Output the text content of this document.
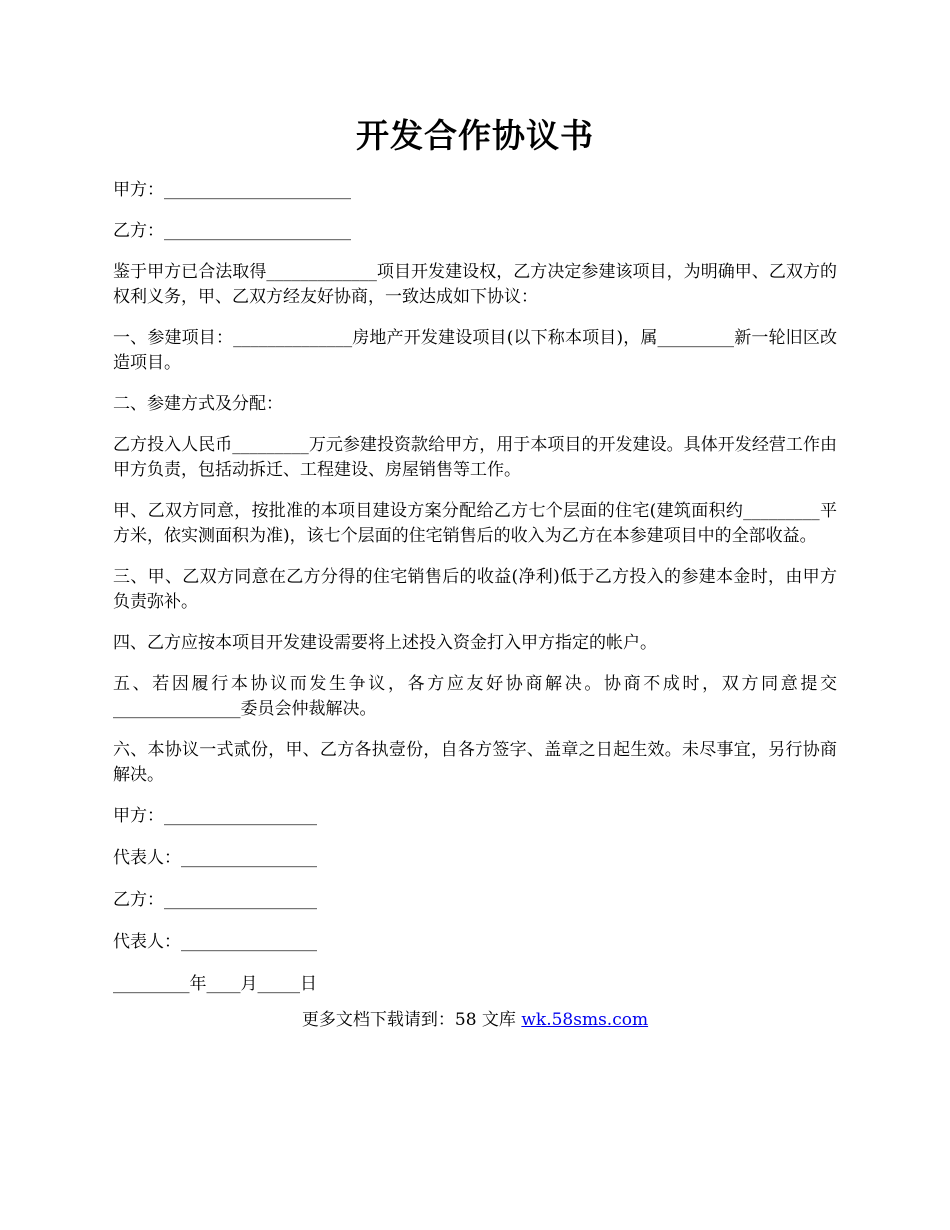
开发合作协议书

甲方：______________________

乙方：______________________

鉴于甲方已合法取得_____________项目开发建设权，乙方决定参建该项目，为明确甲、乙双方的权利义务，甲、乙双方经友好协商，一致达成如下协议：

一、参建项目：______________房地产开发建设项目(以下称本项目)，属_________新一轮旧区改造项目。

二、参建方式及分配：

乙方投入人民币_________万元参建投资款给甲方，用于本项目的开发建设。具体开发经营工作由甲方负责，包括动拆迁、工程建设、房屋销售等工作。

甲、乙双方同意，按批准的本项目建设方案分配给乙方七个层面的住宅(建筑面积约_________平方米，依实测面积为准)，该七个层面的住宅销售后的收入为乙方在本参建项目中的全部收益。

三、甲、乙双方同意在乙方分得的住宅销售后的收益(净利)低于乙方投入的参建本金时，由甲方负责弥补。

四、乙方应按本项目开发建设需要将上述投入资金打入甲方指定的帐户。

五、若因履行本协议而发生争议，各方应友好协商解决。协商不成时，双方同意提交_______________委员会仲裁解决。

六、本协议一式贰份，甲、乙方各执壹份，自各方签字、盖章之日起生效。未尽事宜，另行协商解决。

甲方：__________________

代表人：________________

乙方：__________________

代表人：________________

_________年____月_____日

更多文档下载请到：58 文库 wk.58sms.com
